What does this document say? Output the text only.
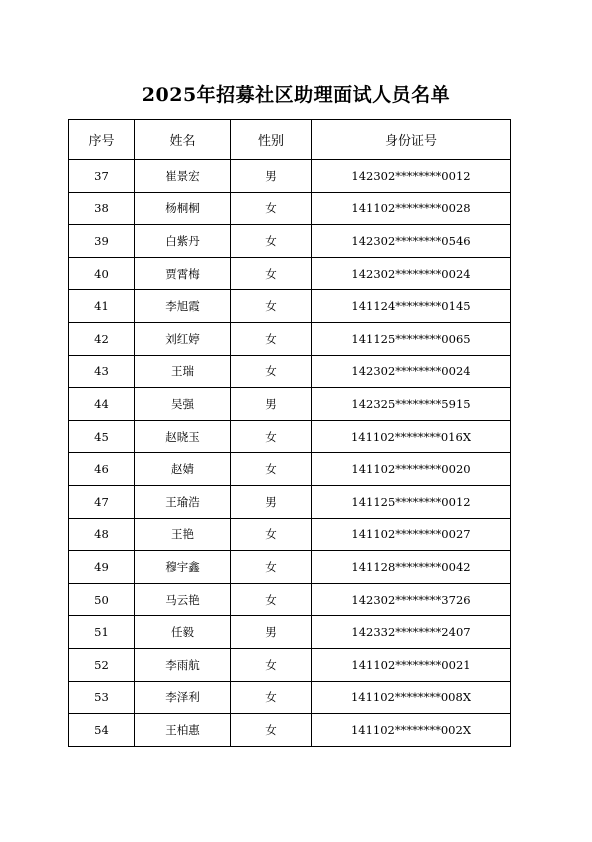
2025年招募社区助理面试人员名单
序号	姓名	性别	身份证号
37	崔景宏	男	142302********0012
38	杨桐桐	女	141102********0028
39	白紫丹	女	142302********0546
40	贾霄梅	女	142302********0024
41	李旭霞	女	141124********0145
42	刘红婷	女	141125********0065
43	王瑞	女	142302********0024
44	吴强	男	142325********5915
45	赵晓玉	女	141102********016X
46	赵婧	女	141102********0020
47	王瑜浩	男	141125********0012
48	王艳	女	141102********0027
49	穆宇鑫	女	141128********0042
50	马云艳	女	142302********3726
51	任毅	男	142332********2407
52	李雨航	女	141102********0021
53	李泽利	女	141102********008X
54	王柏惠	女	141102********002X
